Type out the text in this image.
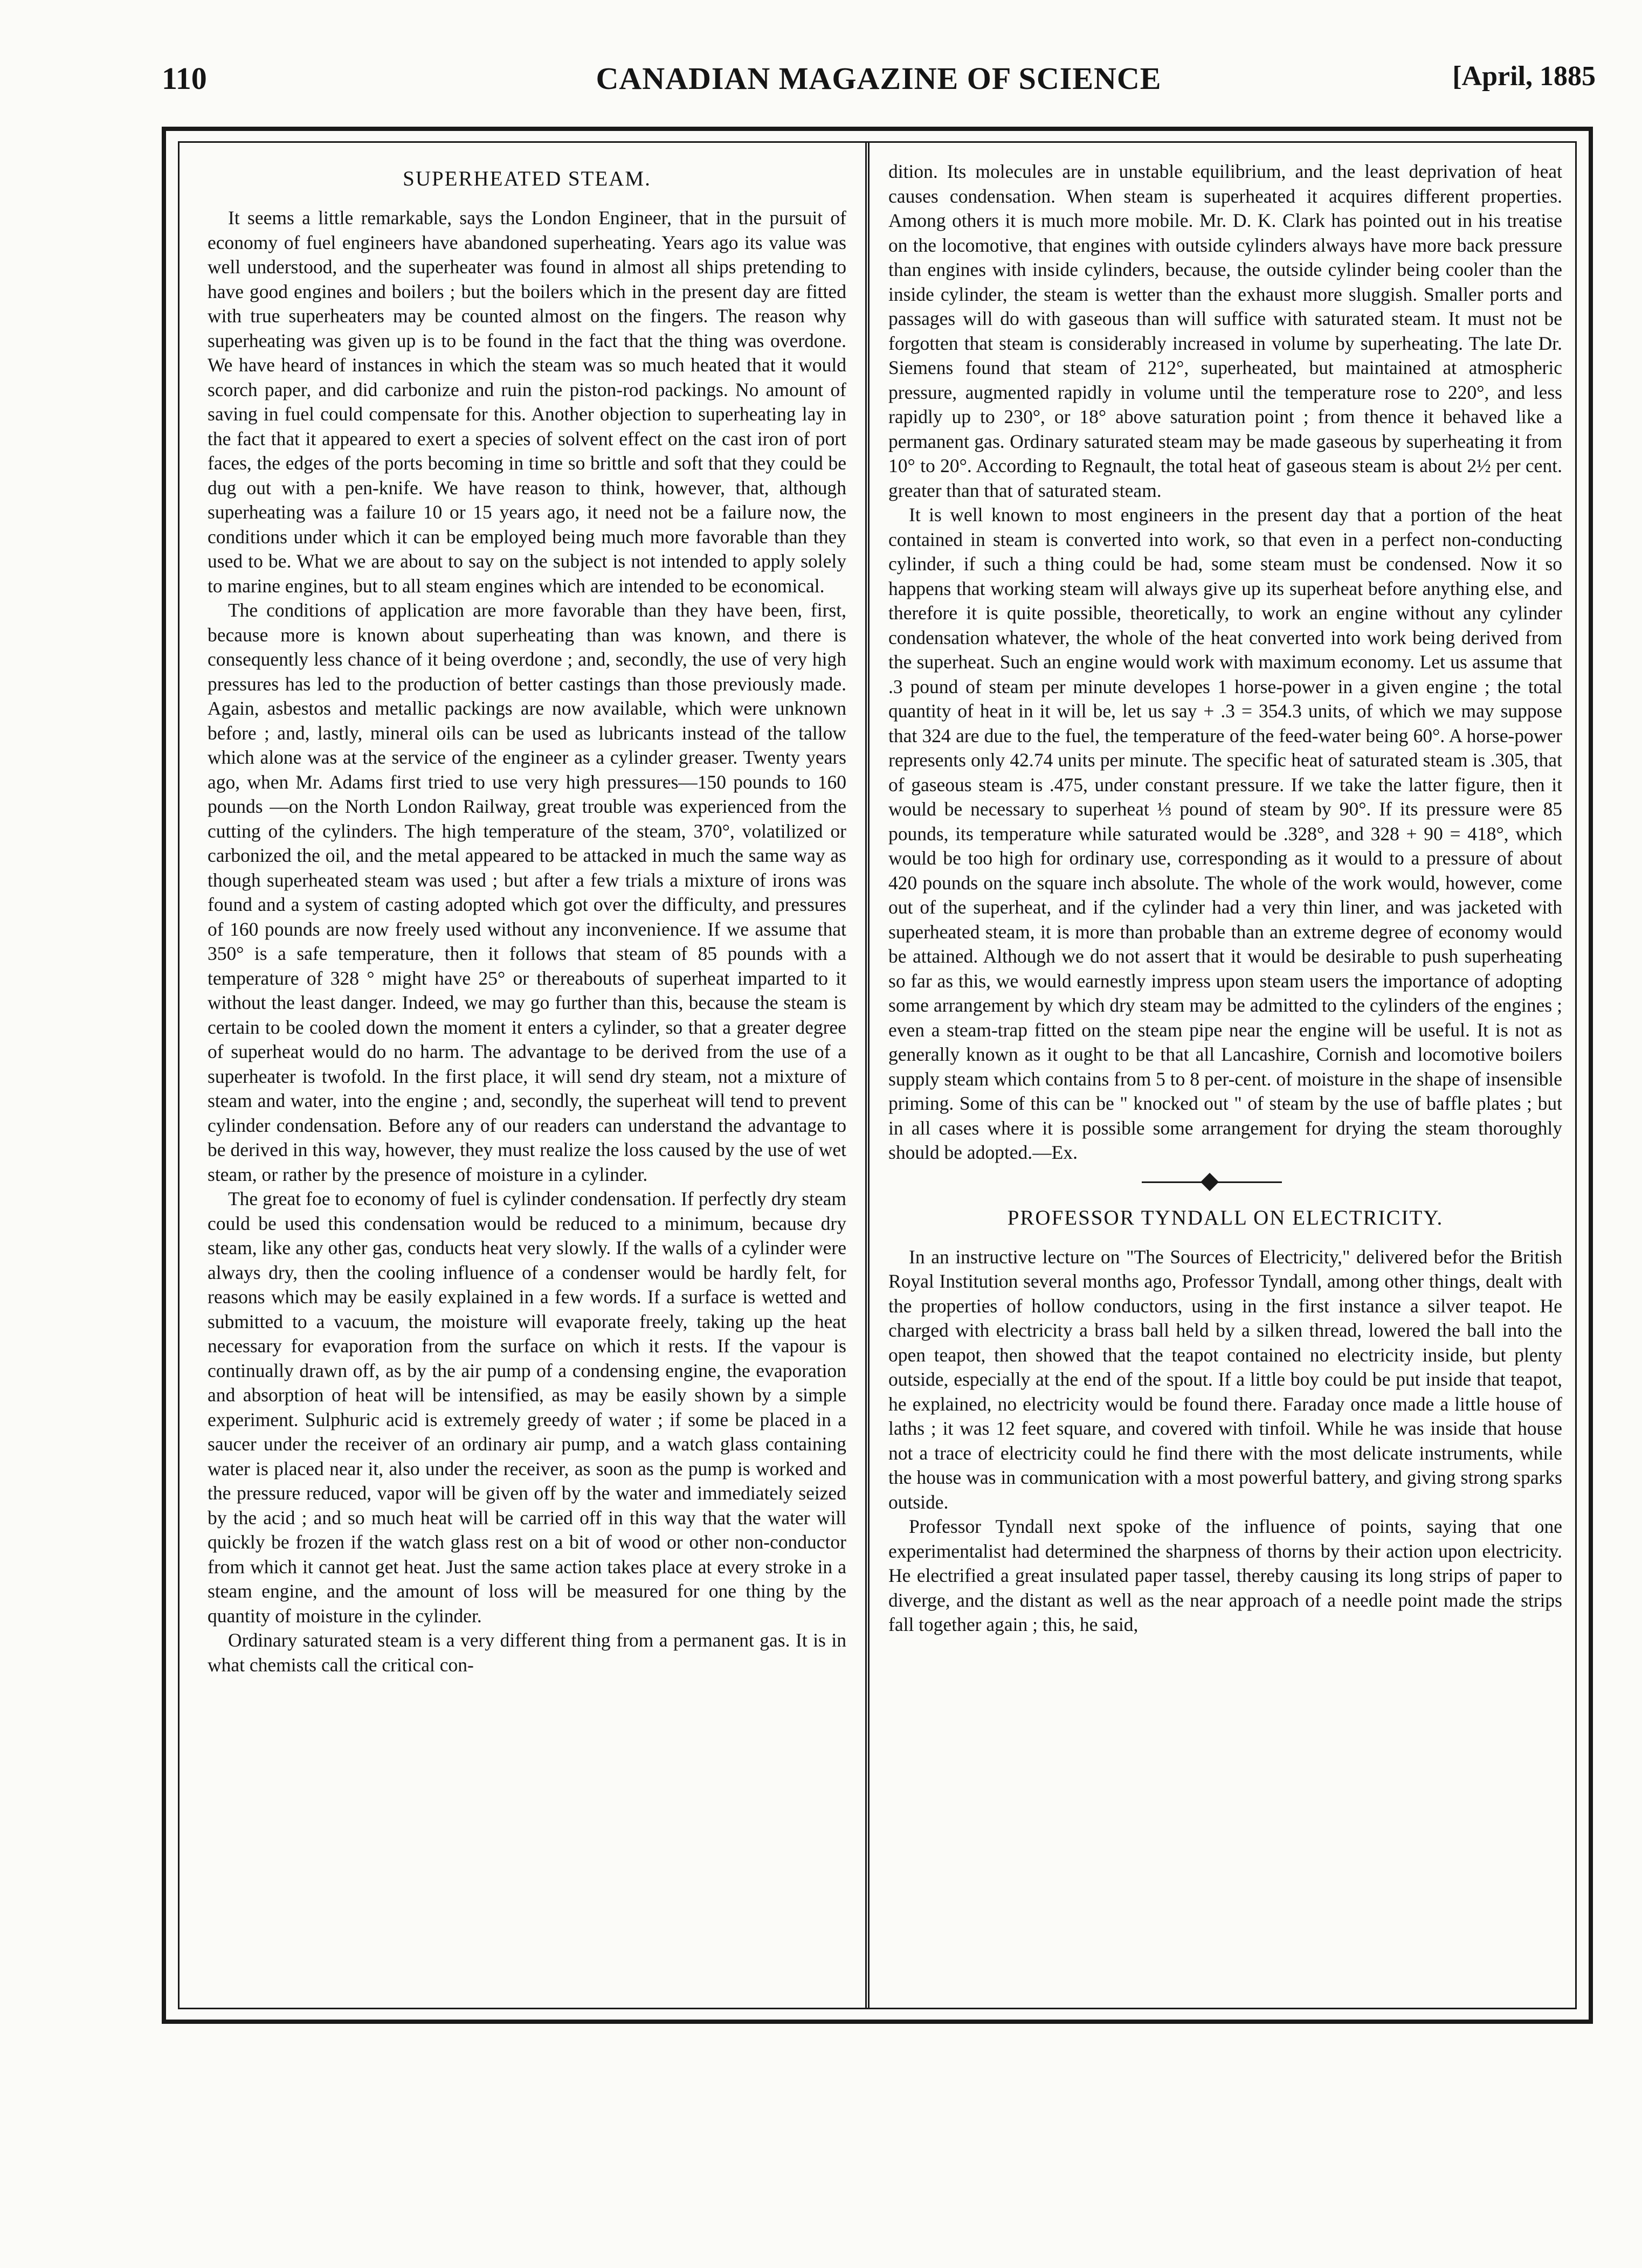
110	CANADIAN MAGAZINE OF SCIENCE	[April, 1885
SUPERHEATED STEAM.

It seems a little remarkable, says the London Engineer, that in the pursuit of economy of fuel engineers have abandoned superheating. Years ago its value was well understood, and the superheater was found in almost all ships pretending to have good engines and boilers ; but the boilers which in the present day are fitted with true superheaters may be counted almost on the fingers. The reason why superheating was given up is to be found in the fact that the thing was overdone. We have heard of instances in which the steam was so much heated that it would scorch paper, and did carbonize and ruin the piston-rod packings. No amount of saving in fuel could compensate for this. Another objection to superheating lay in the fact that it appeared to exert a species of solvent effect on the cast iron of port faces, the edges of the ports becoming in time so brittle and soft that they could be dug out with a pen-knife. We have reason to think, however, that, although superheating was a failure 10 or 15 years ago, it need not be a failure now, the conditions under which it can be employed being much more favorable than they used to be. What we are about to say on the subject is not intended to apply solely to marine engines, but to all steam engines which are intended to be economical.

The conditions of application are more favorable than they have been, first, because more is known about superheating than was known, and there is consequently less chance of it being overdone ; and, secondly, the use of very high pressures has led to the production of better castings than those previously made. Again, asbestos and metallic packings are now available, which were unknown before ; and, lastly, mineral oils can be used as lubricants instead of the tallow which alone was at the service of the engineer as a cylinder greaser. Twenty years ago, when Mr. Adams first tried to use very high pressures—150 pounds to 160 pounds —on the North London Railway, great trouble was experienced from the cutting of the cylinders. The high temperature of the steam, 370°, volatilized or carbonized the oil, and the metal appeared to be attacked in much the same way as though superheated steam was used ; but after a few trials a mixture of irons was found and a system of casting adopted which got over the difficulty, and pressures of 160 pounds are now freely used without any inconvenience. If we assume that 350° is a safe temperature, then it follows that steam of 85 pounds with a temperature of 328 ° might have 25° or thereabouts of superheat imparted to it without the least danger. Indeed, we may go further than this, because the steam is certain to be cooled down the moment it enters a cylinder, so that a greater degree of superheat would do no harm. The advantage to be derived from the use of a superheater is twofold. In the first place, it will send dry steam, not a mixture of steam and water, into the engine ; and, secondly, the superheat will tend to prevent cylinder condensation. Before any of our readers can understand the advantage to be derived in this way, however, they must realize the loss caused by the use of wet steam, or rather by the presence of moisture in a cylinder.

The great foe to economy of fuel is cylinder condensation. If perfectly dry steam could be used this condensation would be reduced to a minimum, because dry steam, like any other gas, conducts heat very slowly. If the walls of a cylinder were always dry, then the cooling influence of a condenser would be hardly felt, for reasons which may be easily explained in a few words. If a surface is wetted and submitted to a vacuum, the moisture will evaporate freely, taking up the heat necessary for evaporation from the surface on which it rests. If the vapour is continually drawn off, as by the air pump of a condensing engine, the evaporation and absorption of heat will be intensified, as may be easily shown by a simple experiment. Sulphuric acid is extremely greedy of water ; if some be placed in a saucer under the receiver of an ordinary air pump, and a watch glass containing water is placed near it, also under the receiver, as soon as the pump is worked and the pressure reduced, vapor will be given off by the water and immediately seized by the acid ; and so much heat will be carried off in this way that the water will quickly be frozen if the watch glass rest on a bit of wood or other non-conductor from which it cannot get heat. Just the same action takes place at every stroke in a steam engine, and the amount of loss will be measured for one thing by the quantity of moisture in the cylinder.

Ordinary saturated steam is a very different thing from a permanent gas. It is in what chemists call the critical con-

dition. Its molecules are in unstable equilibrium, and the least deprivation of heat causes condensation. When steam is superheated it acquires different properties. Among others it is much more mobile. Mr. D. K. Clark has pointed out in his treatise on the locomotive, that engines with outside cylinders always have more back pressure than engines with inside cylinders, because, the outside cylinder being cooler than the inside cylinder, the steam is wetter than the exhaust more sluggish. Smaller ports and passages will do with gaseous than will suffice with saturated steam. It must not be forgotten that steam is considerably increased in volume by superheating. The late Dr. Siemens found that steam of 212°, superheated, but maintained at atmospheric pressure, augmented rapidly in volume until the temperature rose to 220°, and less rapidly up to 230°, or 18° above saturation point ; from thence it behaved like a permanent gas. Ordinary saturated steam may be made gaseous by superheating it from 10° to 20°. According to Regnault, the total heat of gaseous steam is about 2½ per cent. greater than that of saturated steam.

It is well known to most engineers in the present day that a portion of the heat contained in steam is converted into work, so that even in a perfect non-conducting cylinder, if such a thing could be had, some steam must be condensed. Now it so happens that working steam will always give up its superheat before anything else, and therefore it is quite possible, theoretically, to work an engine without any cylinder condensation whatever, the whole of the heat converted into work being derived from the superheat. Such an engine would work with maximum economy. Let us assume that .3 pound of steam per minute developes 1 horse-power in a given engine ; the total quantity of heat in it will be, let us say + .3 = 354.3 units, of which we may suppose that 324 are due to the fuel, the temperature of the feed-water being 60°. A horse-power represents only 42.74 units per minute. The specific heat of saturated steam is .305, that of gaseous steam is .475, under constant pressure. If we take the latter figure, then it would be necessary to superheat ⅓ pound of steam by 90°. If its pressure were 85 pounds, its temperature while saturated would be .328°, and 328 + 90 = 418°, which would be too high for ordinary use, corresponding as it would to a pressure of about 420 pounds on the square inch absolute. The whole of the work would, however, come out of the superheat, and if the cylinder had a very thin liner, and was jacketed with superheated steam, it is more than probable than an extreme degree of economy would be attained. Although we do not assert that it would be desirable to push superheating so far as this, we would earnestly impress upon steam users the importance of adopting some arrangement by which dry steam may be admitted to the cylinders of the engines ; even a steam-trap fitted on the steam pipe near the engine will be useful. It is not as generally known as it ought to be that all Lancashire, Cornish and locomotive boilers supply steam which contains from 5 to 8 per-cent. of moisture in the shape of insensible priming. Some of this can be " knocked out " of steam by the use of baffle plates ; but in all cases where it is possible some arrangement for drying the steam thoroughly should be adopted.—Ex.

PROFESSOR TYNDALL ON ELECTRICITY.

In an instructive lecture on "The Sources of Electricity," delivered befor the British Royal Institution several months ago, Professor Tyndall, among other things, dealt with the properties of hollow conductors, using in the first instance a silver teapot. He charged with electricity a brass ball held by a silken thread, lowered the ball into the open teapot, then showed that the teapot contained no electricity inside, but plenty outside, especially at the end of the spout. If a little boy could be put inside that teapot, he explained, no electricity would be found there. Faraday once made a little house of laths ; it was 12 feet square, and covered with tinfoil. While he was inside that house not a trace of electricity could he find there with the most delicate instruments, while the house was in communication with a most powerful battery, and giving strong sparks outside.

Professor Tyndall next spoke of the influence of points, saying that one experimentalist had determined the sharpness of thorns by their action upon electricity. He electrified a great insulated paper tassel, thereby causing its long strips of paper to diverge, and the distant as well as the near approach of a needle point made the strips fall together again ; this, he said,
